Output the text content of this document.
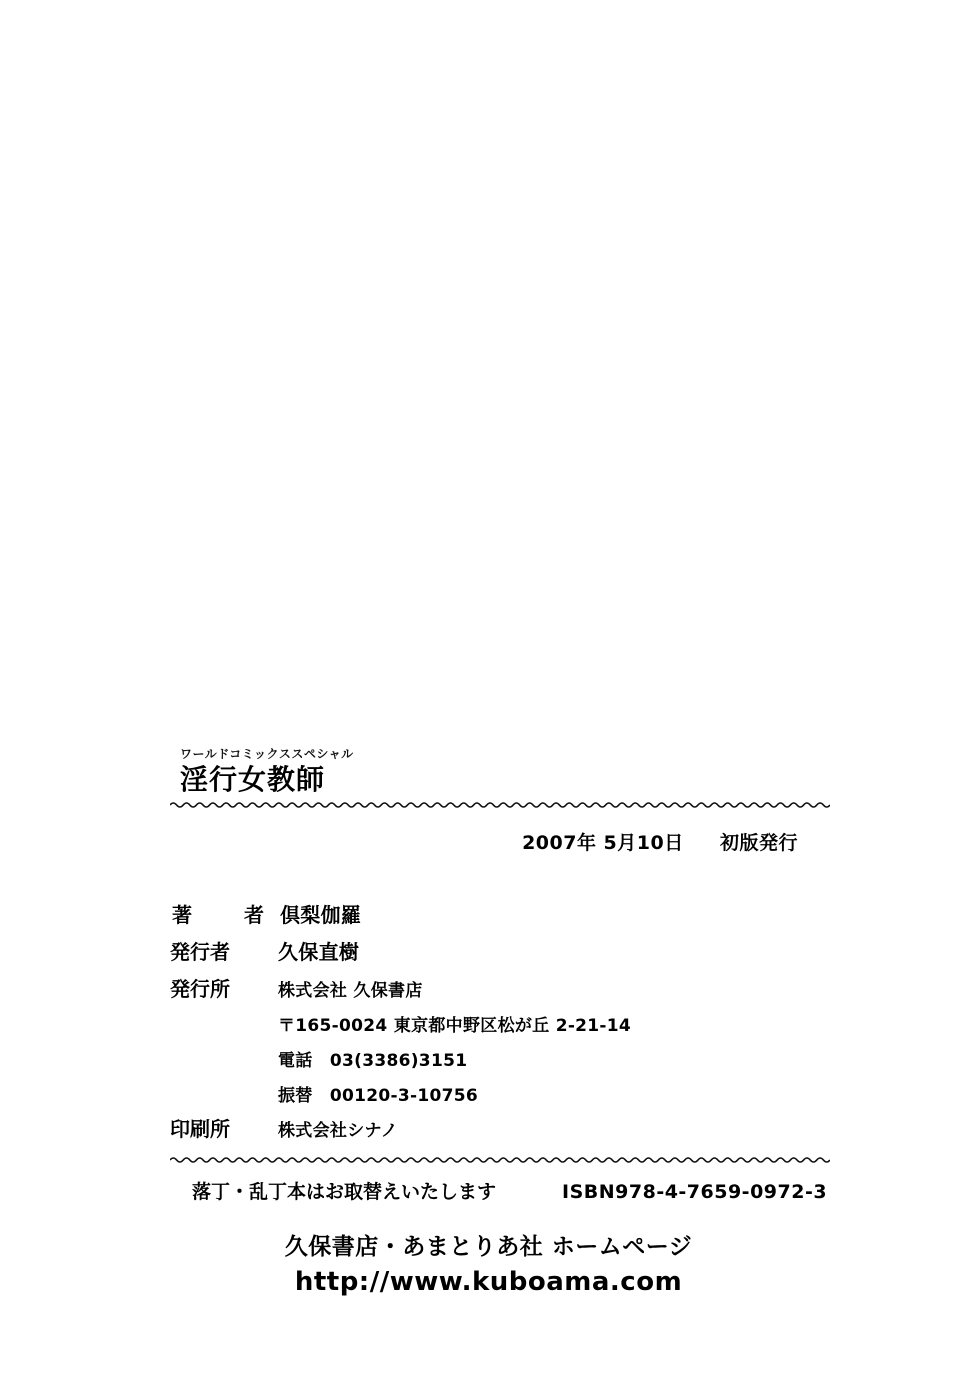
ワールドコミックススペシャル
淫行女教師
2007年 5月10日 初版発行
著　者 倶梨伽羅
発行者	久保直樹
発行所	株式会社 久保書店
〒165-0024 東京都中野区松が丘 2-21-14
電話　03(3386)3151
振替　00120-3-10756
印刷所	株式会社シナノ
落丁・乱丁本はお取替えいたします	ISBN978-4-7659-0972-3
久保書店・あまとりあ社 ホームページ
http://www.kuboama.com
